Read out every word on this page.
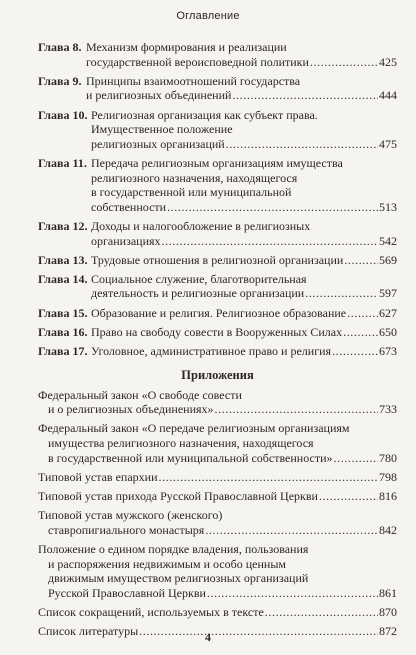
Оглавление
Глава 8. Механизм формирования и реализации
государственной вероисповедной политики .....	425
Глава 9. Принципы взаимоотношений государства
и религиозных объединений .....	444
Глава 10. Религиозная организация как субъект права.
Имущественное положение
религиозных организаций .....	475
Глава 11. Передача религиозным организациям имущества
религиозного назначения, находящегося
в государственной или муниципальной
собственности .....	513
Глава 12. Доходы и налогообложение в религиозных
организациях .....	542
Глава 13. Трудовые отношения в религиозной организации .....	569
Глава 14. Социальное служение, благотворительная
деятельность и религиозные организации .....	597
Глава 15. Образование и религия. Религиозное образование .....	627
Глава 16. Право на свободу совести в Вооруженных Силах .....	650
Глава 17. Уголовное, административное право и религия .....	673
Приложения
Федеральный закон «О свободе совести
и о религиозных объединениях» .....	733
Федеральный закон «О передаче религиозным организациям
имущества религиозного назначения, находящегося
в государственной или муниципальной собственности» .....	780
Типовой устав епархии .....	798
Типовой устав прихода Русской Православной Церкви .....	816
Типовой устав мужского (женского)
ставропигиального монастыря .....	842
Положение о едином порядке владения, пользования
и распоряжения недвижимым и особо ценным
движимым имуществом религиозных организаций
Русской Православной Церкви .....	861
Список сокращений, используемых в тексте .....	870
Список литературы .....	872
4
